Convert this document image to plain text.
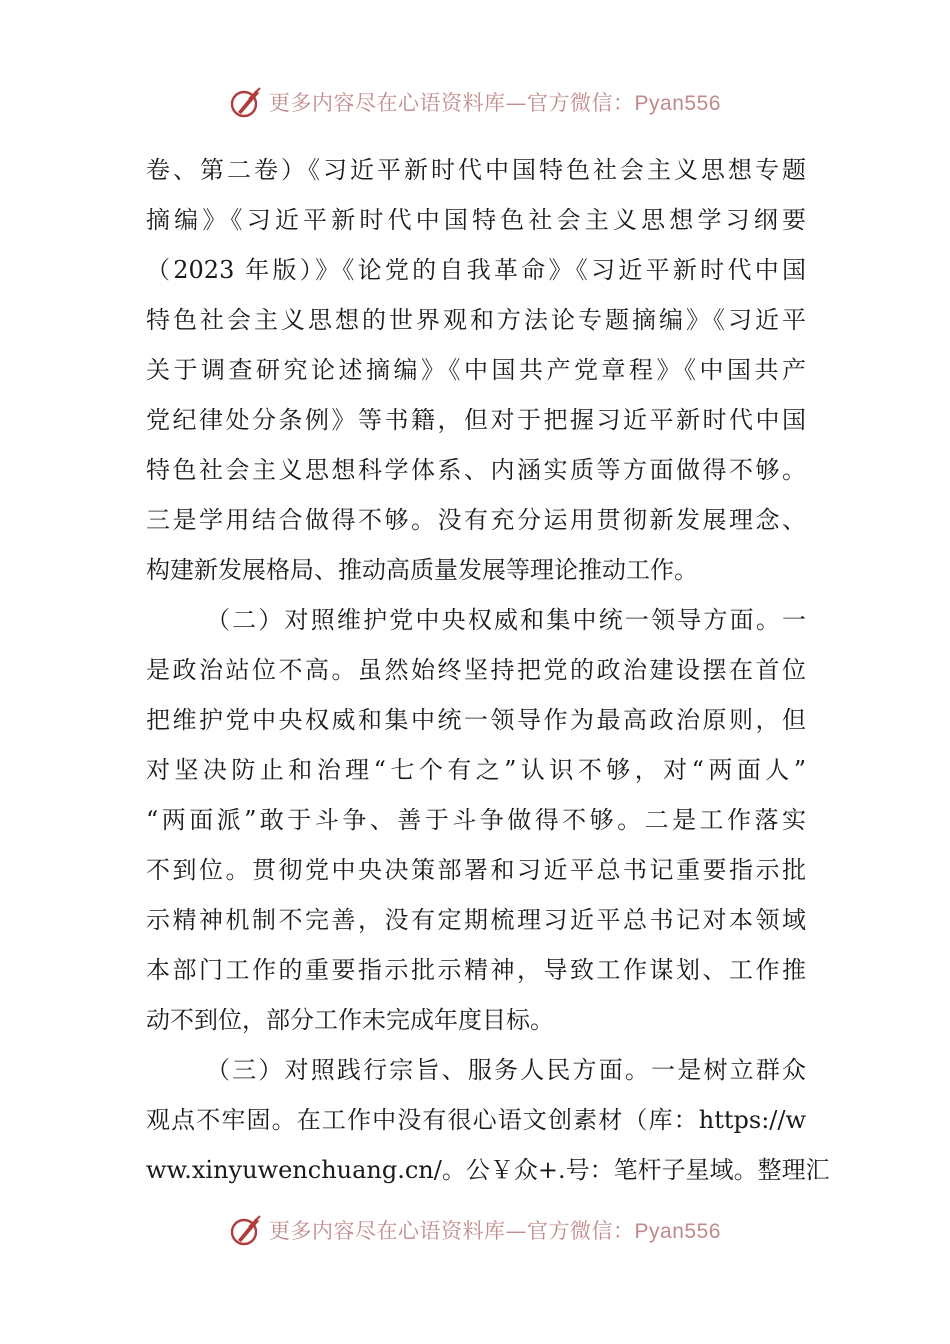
更多内容尽在心语资料库—官方微信：Pyan556
卷、第二卷）《习近平新时代中国特色社会主义思想专题
摘编》《习近平新时代中国特色社会主义思想学习纲要
（2023 年版）》《论党的自我革命》《习近平新时代中国
特色社会主义思想的世界观和方法论专题摘编》《习近平
关于调查研究论述摘编》《中国共产党章程》《中国共产
党纪律处分条例》等书籍，但对于把握习近平新时代中国
特色社会主义思想科学体系、内涵实质等方面做得不够。
三是学用结合做得不够。没有充分运用贯彻新发展理念、
构建新发展格局、推动高质量发展等理论推动工作。
（二）对照维护党中央权威和集中统一领导方面。一
是政治站位不高。虽然始终坚持把党的政治建设摆在首位
把维护党中央权威和集中统一领导作为最高政治原则，但
对坚决防止和治理“七个有之”认识不够，对“两面人”
“两面派”敢于斗争、善于斗争做得不够。二是工作落实
不到位。贯彻党中央决策部署和习近平总书记重要指示批
示精神机制不完善，没有定期梳理习近平总书记对本领域
本部门工作的重要指示批示精神，导致工作谋划、工作推
动不到位，部分工作未完成年度目标。
（三）对照践行宗旨、服务人民方面。一是树立群众
观点不牢固。在工作中没有很心语文创素材（库：https://w
ww.xinyuwenchuang.cn/。公￥众+.号：笔杆子星域。整理汇
更多内容尽在心语资料库—官方微信：Pyan556
